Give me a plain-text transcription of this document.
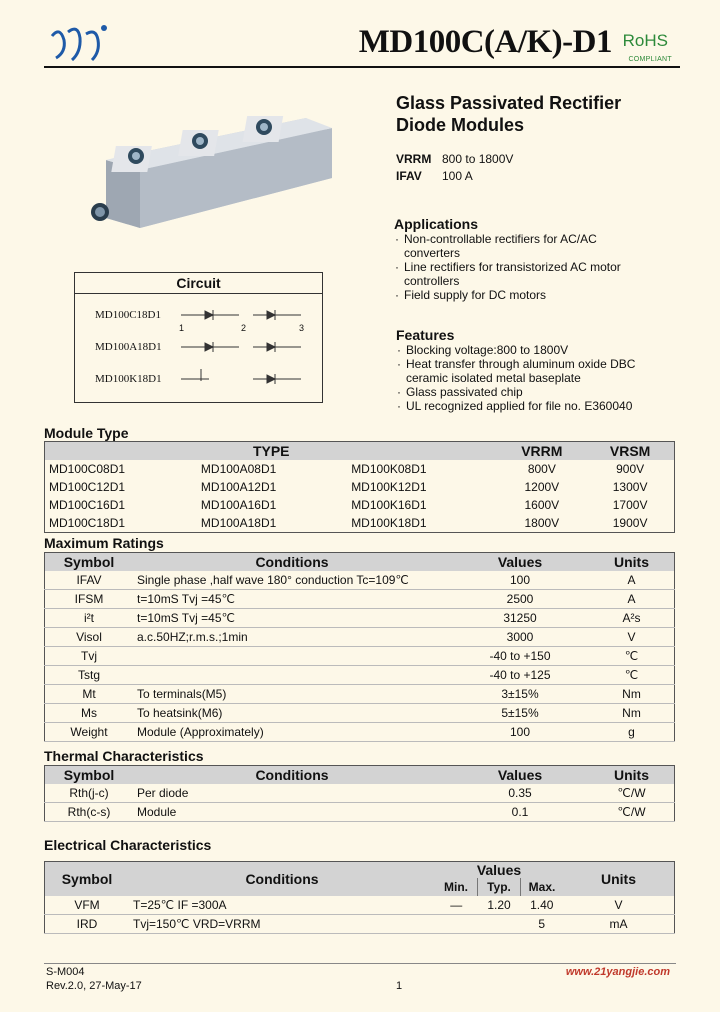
MD100C(A/K)-D1 RoHS
COMPLIANT
Glass Passivated Rectifier
Diode Modules
VRRM 800 to 1800V
IFAV 100 A
Applications
· Non-controllable rectifiers for AC/AC
converters
· Line rectifiers for transistorized AC motor
controllers
· Field supply for DC motors
Features
· Blocking voltage:800 to 1800V
· Heat transfer through aluminum oxide DBC
ceramic isolated metal baseplate
· Glass passivated chip
· UL recognized applied for file no. E360040
Circuit
MD100C18D1
MD100A18D1
MD100K18D1
1	2	3
Module Type
TYPE			VRRM	VRSM
MD100C08D1	MD100A08D1	MD100K08D1	800V	900V
MD100C12D1	MD100A12D1	MD100K12D1	1200V	1300V
MD100C16D1	MD100A16D1	MD100K16D1	1600V	1700V
MD100C18D1	MD100A18D1	MD100K18D1	1800V	1900V
Maximum Ratings
Symbol	Conditions	Values	Units
IFAV	Single phase ,half wave 180° conduction Tc=109℃	100	A
IFSM	t=10mS Tvj =45℃	2500	A
i²t	t=10mS Tvj =45℃	31250	A²s
Visol	a.c.50HZ;r.m.s.;1min	3000	V
Tvj		-40 to +150	℃
Tstg		-40 to +125	℃
Mt	To terminals(M5)	3±15%	Nm
Ms	To heatsink(M6)	5±15%	Nm
Weight	Module (Approximately)	100	g
Thermal Characteristics
Symbol	Conditions	Values	Units
Rth(j-c)	Per diode	0.35	℃/W
Rth(c-s)	Module	0.1	℃/W
Electrical Characteristics
Symbol	Conditions	Values			Units
		Min.	Typ.	Max.	
VFM	T=25℃ IF =300A	—	1.20	1.40	V
IRD	Tvj=150℃ VRD=VRRM			5	mA
S-M004
Rev.2.0, 27-May-17	1
www.21yangjie.com
